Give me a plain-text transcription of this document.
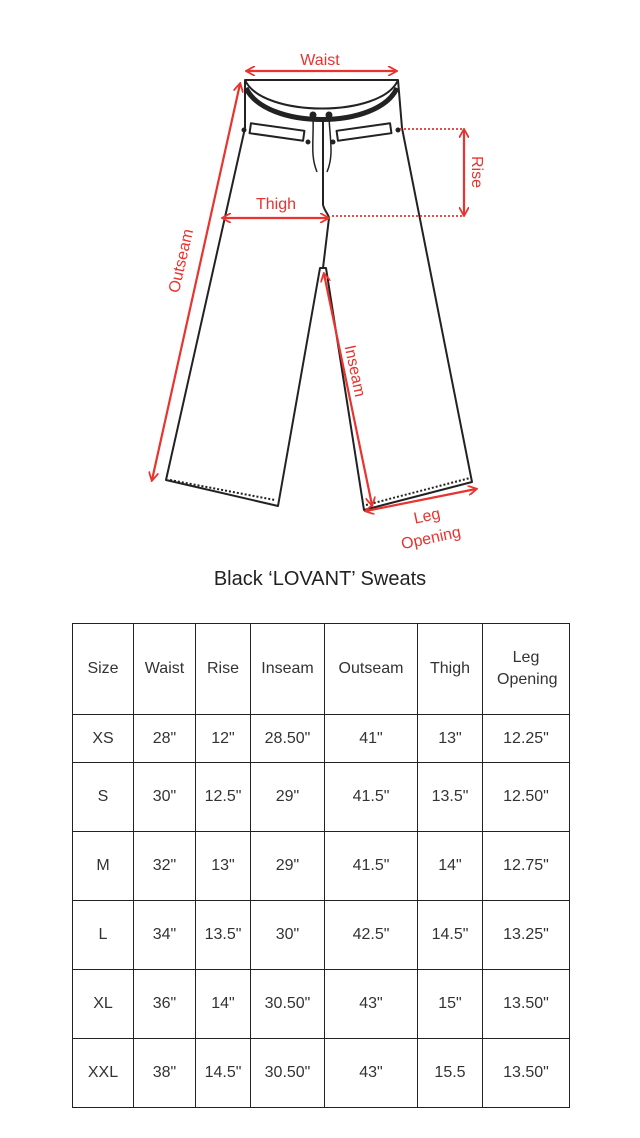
Waist
Rise
Thigh
Outseam
Inseam
Leg
Opening
Black ‘LOVANT’ Sweats
Size	Waist	Rise	Inseam	Outseam	Thigh	Leg Opening
XS	28"	12"	28.50"	41"	13"	12.25"
S	30"	12.5"	29"	41.5"	13.5"	12.50"
M	32"	13"	29"	41.5"	14"	12.75"
L	34"	13.5"	30"	42.5"	14.5"	13.25"
XL	36"	14"	30.50"	43"	15"	13.50"
XXL	38"	14.5"	30.50"	43"	15.5	13.50"
